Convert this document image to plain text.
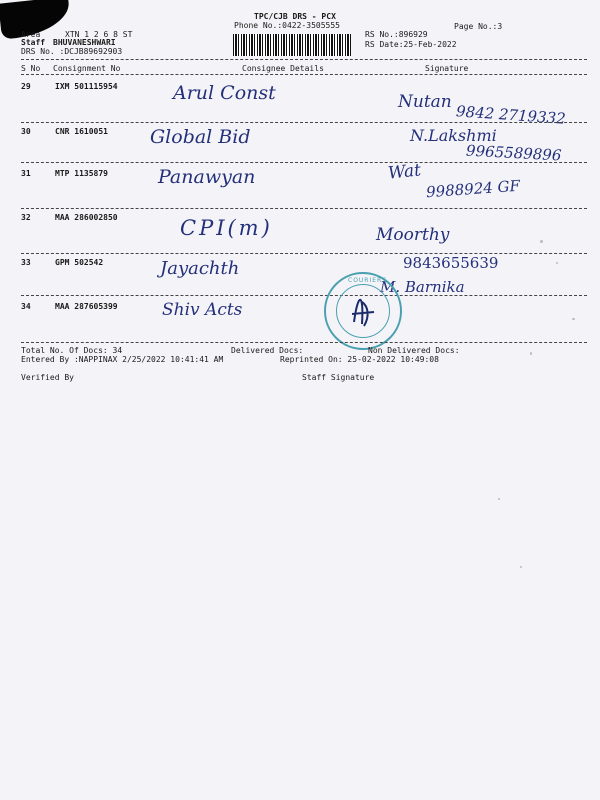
TPC/CJB DRS - PCX
Phone No.:0422-3505555	Page No.:3
Area	XTN 1 2 6 8 ST
Staff BHUVANESHWARI
DRS No. :DCJB89692903
RS No.:896929
RS Date:25-Feb-2022
S No Consignment No	Consignee Details	Signature
29	IXM 501115954	Arul Const	Nutan
9842 2719332
30	CNR 1610051 Global Bid	N.Lakshmi
9965589896
31	MTP 1135879	Panawyan	Wat
9988924 GF
32	MAA 286002850	CPI(m)	Moorthy
33	GPM 502542	Jayachth	9843655639
34	MAA 287605399	Shiv Acts
M. Barnika
COURIERS
Total No. Of Docs: 34	Delivered Docs:	Non Delivered Docs:
Entered By :NAPPINAX 2/25/2022 10:41:41 AM	Reprinted On: 25-02-2022 10:49:08
Verified By	Staff Signature
